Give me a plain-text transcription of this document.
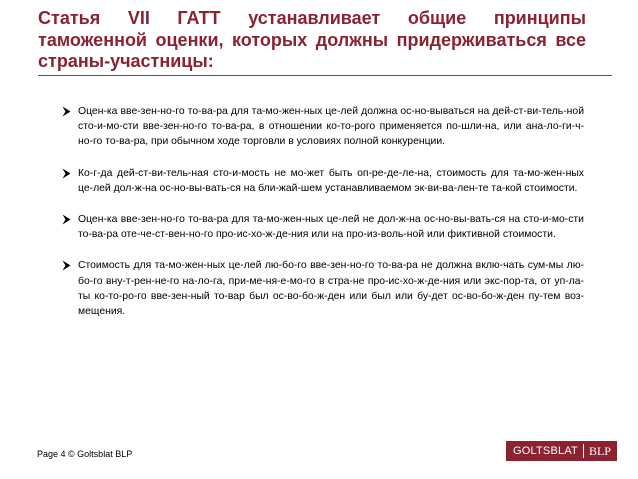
Статья VII ГАТТ устанавливает общие принципы таможенной оценки, которых должны придерживаться все страны-участницы:
Оцен-ка вве-зен-но-го то-ва-ра для та-мо-жен-ных це-лей должна ос-но-вываться на дей-ст-ви-тель-ной сто-и-мо-сти вве-зен-но-го то-ва-ра, в отношении ко-то-рого применяется по-шли-на, или ана-ло-ги-ч-но-го то-ва-ра, при обычном ходе торговли в условиях полной конкуренции.
Ко-г-да дей-ст-ви-тель-ная сто-и-мость не мо-жет быть оп-ре-де-ле-на, стоимость для та-мо-жен-ных це-лей дол-ж-на ос-но-вы-вать-ся на бли-жай-шем устанавливаемом эк-ви-ва-лен-те та-кой стоимости.
Оцен-ка вве-зен-но-го то-ва-ра для та-мо-жен-ных це-лей не дол-ж-на ос-но-вы-вать-ся на сто-и-мо-сти то-ва-ра оте-че-ст-вен-но-го про-ис-хо-ж-де-ния или на про-из-воль-ной или фиктивной стоимости.
Стоимость для та-мо-жен-ных це-лей лю-бо-го вве-зен-но-го то-ва-ра не должна вклю-чать сум-мы лю-бо-го вну-т-рен-не-го на-ло-га, при-ме-ня-е-мо-го в стра-не про-ис-хо-ж-де-ния или экс-пор-та, от уп-ла-ты ко-то-ро-го вве-зен-ный то-вар был ос-во-бо-ж-ден или был или бу-дет ос-во-бо-ж-ден пу-тем воз-мещения.
Page 4 © Goltsblat BLP	GOLTSBLAT BLP
